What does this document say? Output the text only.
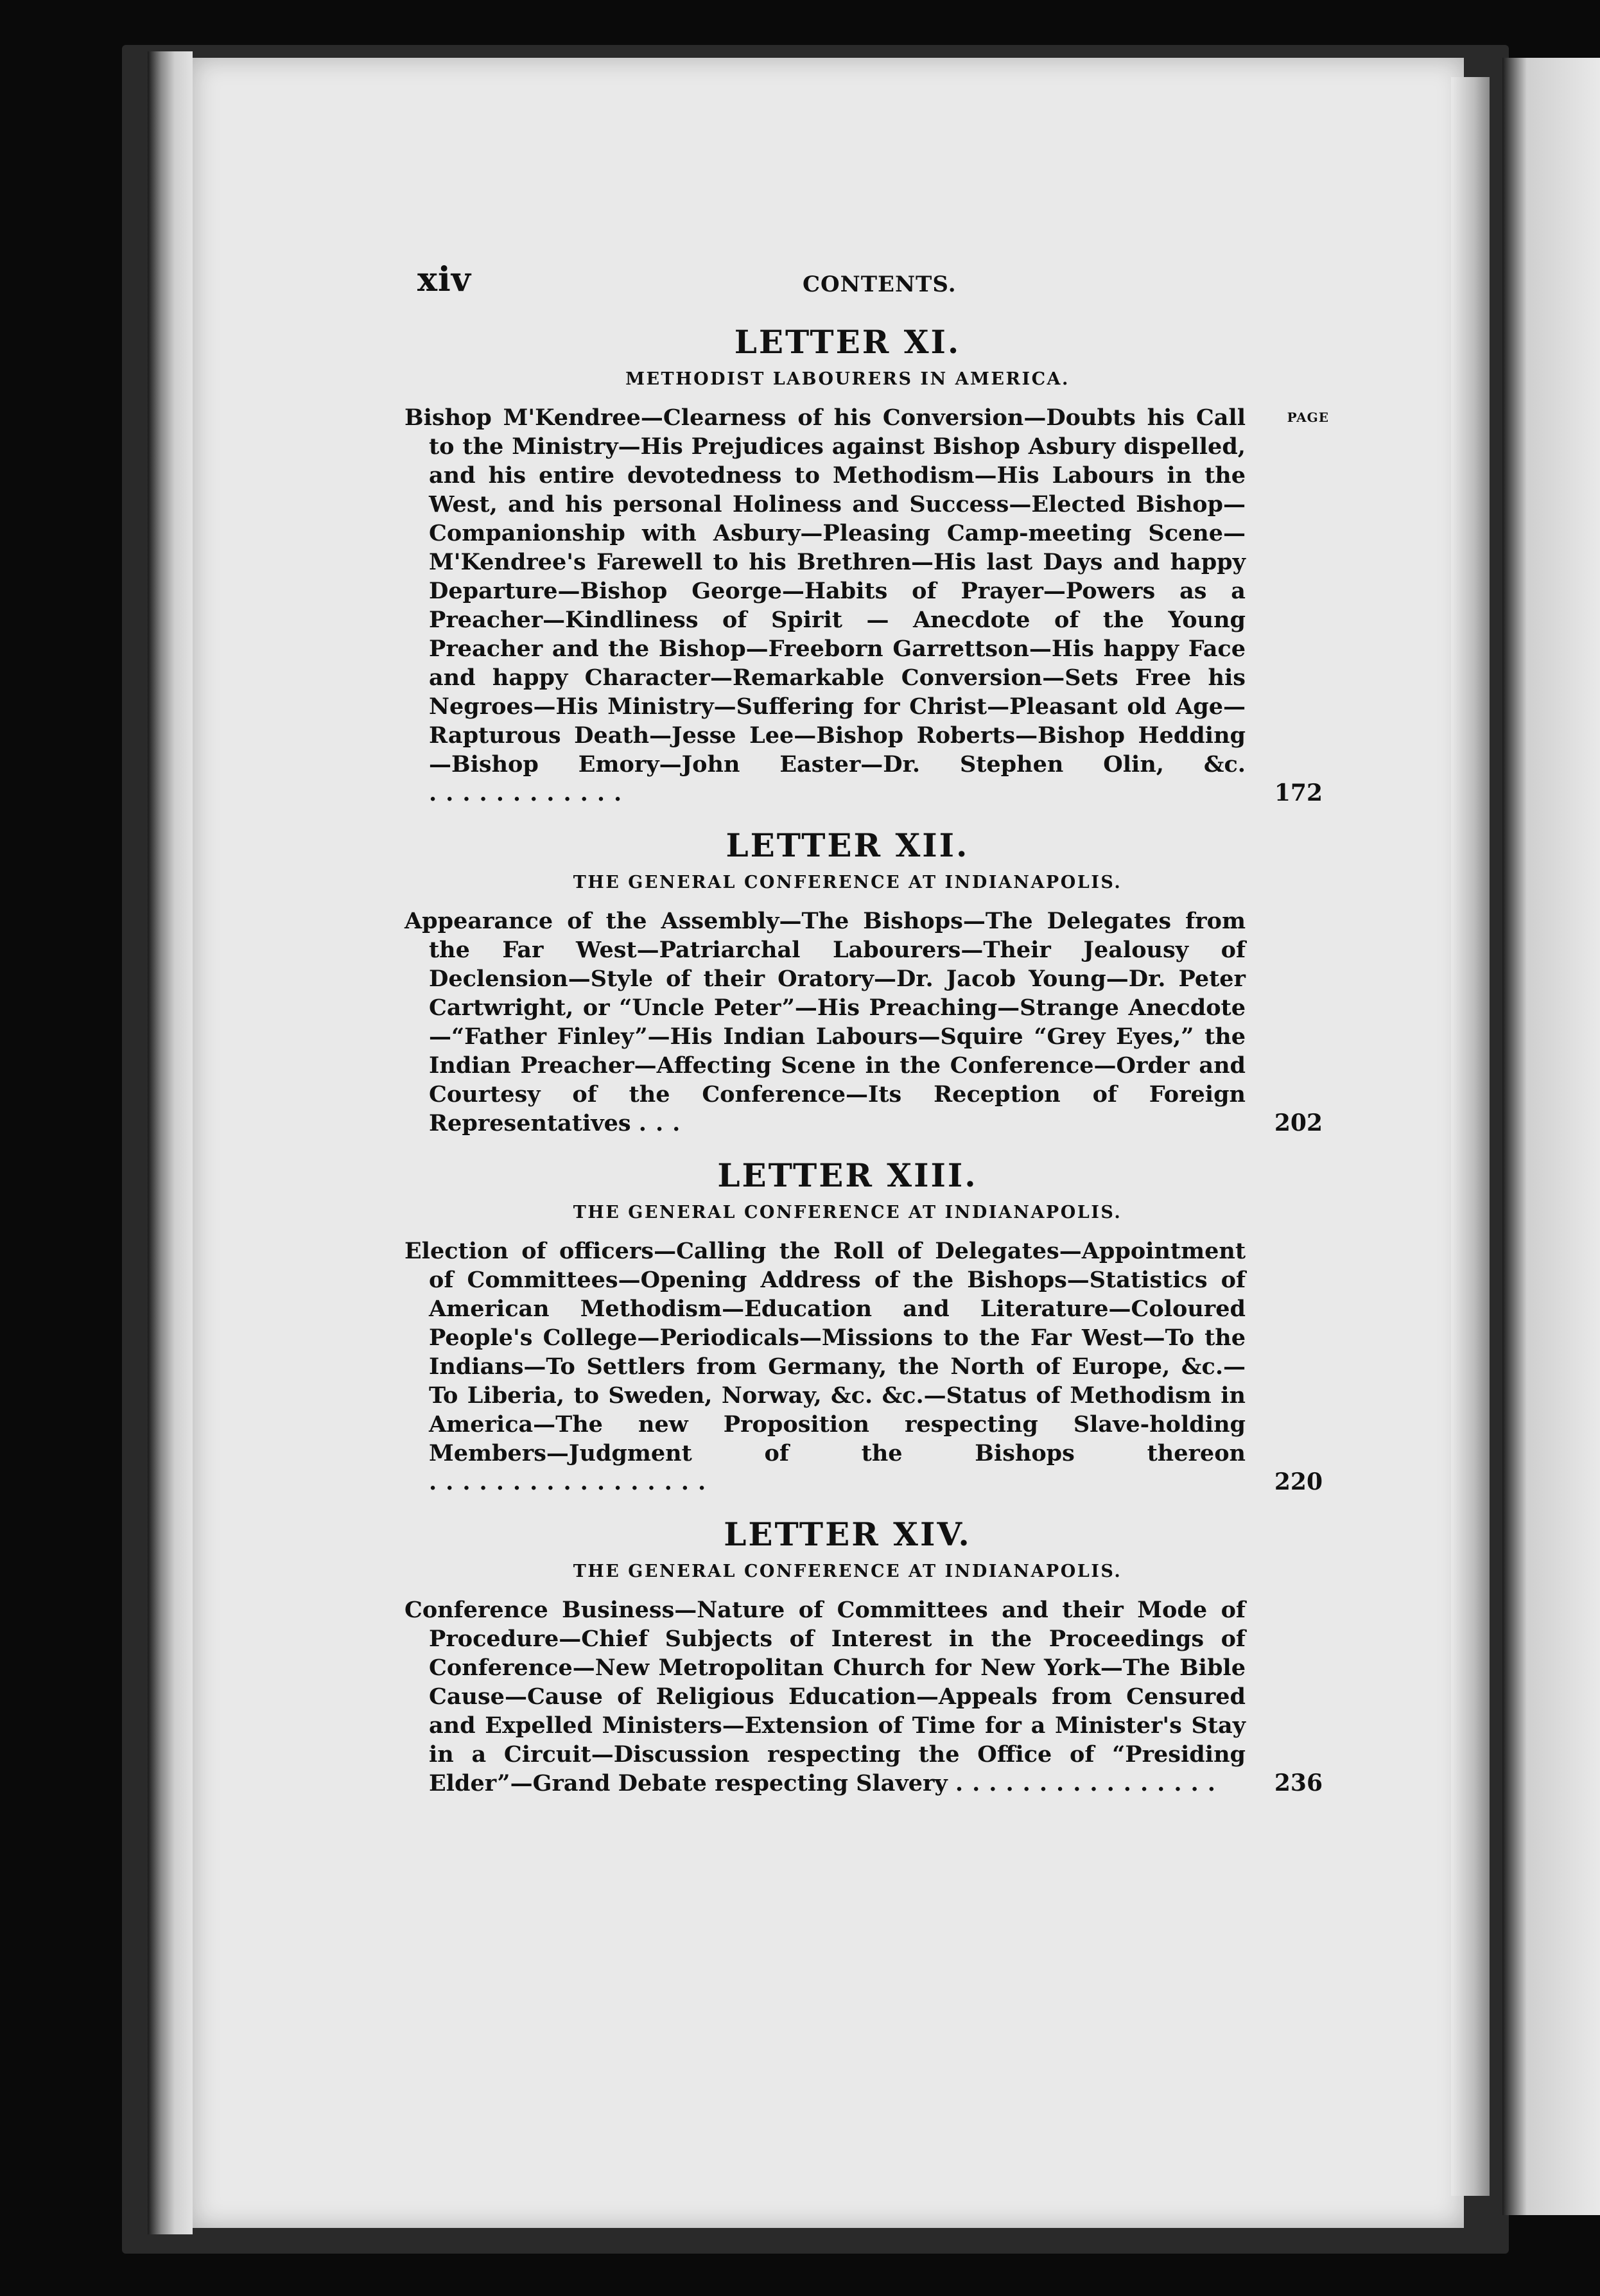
xiv	CONTENTS.
LETTER XI.
METHODIST LABOURERS IN AMERICA.
PAGE
Bishop M'Kendree—Clearness of his Conversion—Doubts his Call to the Ministry—His Prejudices against Bishop Asbury dispelled, and his entire devotedness to Methodism—His Labours in the West, and his personal Holiness and Success—Elected Bishop—Companionship with Asbury—Pleasing Camp-meeting Scene—M'Kendree's Farewell to his Brethren—His last Days and happy Departure—Bishop George—Habits of Prayer—Powers as a Preacher—Kindliness of Spirit — Anecdote of the Young Preacher and the Bishop—Freeborn Garrettson—His happy Face and happy Character—Remarkable Conversion—Sets Free his Negroes—His Ministry—Suffering for Christ—Pleasant old Age—Rapturous Death—Jesse Lee—Bishop Roberts—Bishop Hedding—Bishop Emory—John Easter—Dr. Stephen Olin, &c. ............	172
LETTER XII.
THE GENERAL CONFERENCE AT INDIANAPOLIS.
Appearance of the Assembly—The Bishops—The Delegates from the Far West—Patriarchal Labourers—Their Jealousy of Declension—Style of their Oratory—Dr. Jacob Young—Dr. Peter Cartwright, or “Uncle Peter”—His Preaching—Strange Anecdote—“Father Finley”—His Indian Labours—Squire “Grey Eyes,” the Indian Preacher—Affecting Scene in the Conference—Order and Courtesy of the Conference—Its Reception of Foreign Representatives ...	202
LETTER XIII.
THE GENERAL CONFERENCE AT INDIANAPOLIS.
Election of officers—Calling the Roll of Delegates—Appointment of Committees—Opening Address of the Bishops—Statistics of American Methodism—Education and Literature—Coloured People's College—Periodicals—Missions to the Far West—To the Indians—To Settlers from Germany, the North of Europe, &c.—To Liberia, to Sweden, Norway, &c. &c.—Status of Methodism in America—The new Proposition respecting Slave-holding Members—Judgment of the Bishops thereon .................	220
LETTER XIV.
THE GENERAL CONFERENCE AT INDIANAPOLIS.
Conference Business—Nature of Committees and their Mode of Procedure—Chief Subjects of Interest in the Proceedings of Conference—New Metropolitan Church for New York—The Bible Cause—Cause of Religious Education—Appeals from Censured and Expelled Ministers—Extension of Time for a Minister's Stay in a Circuit—Discussion respecting the Office of “Presiding Elder”—Grand Debate respecting Slavery ................ 236
